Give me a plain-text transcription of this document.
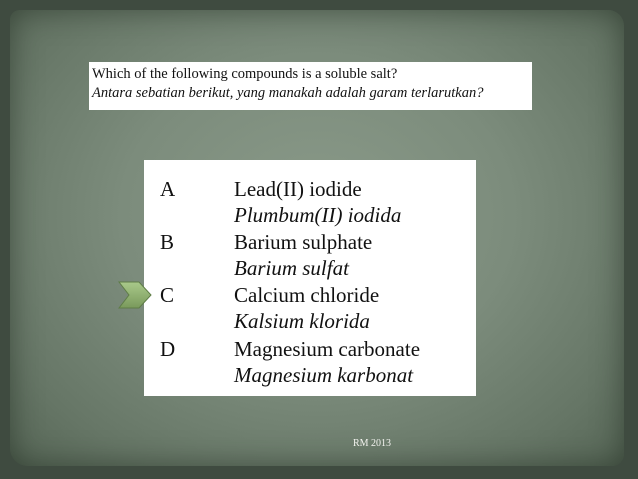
Which of the following compounds is a soluble salt?
Antara sebatian berikut, yang manakah adalah garam terlarutkan?
A	Lead(II) iodide
Plumbum(II) iodida
B	Barium sulphate
Barium sulfat
C	Calcium chloride
Kalsium klorida
D	Magnesium carbonate
Magnesium karbonat
RM 2013
